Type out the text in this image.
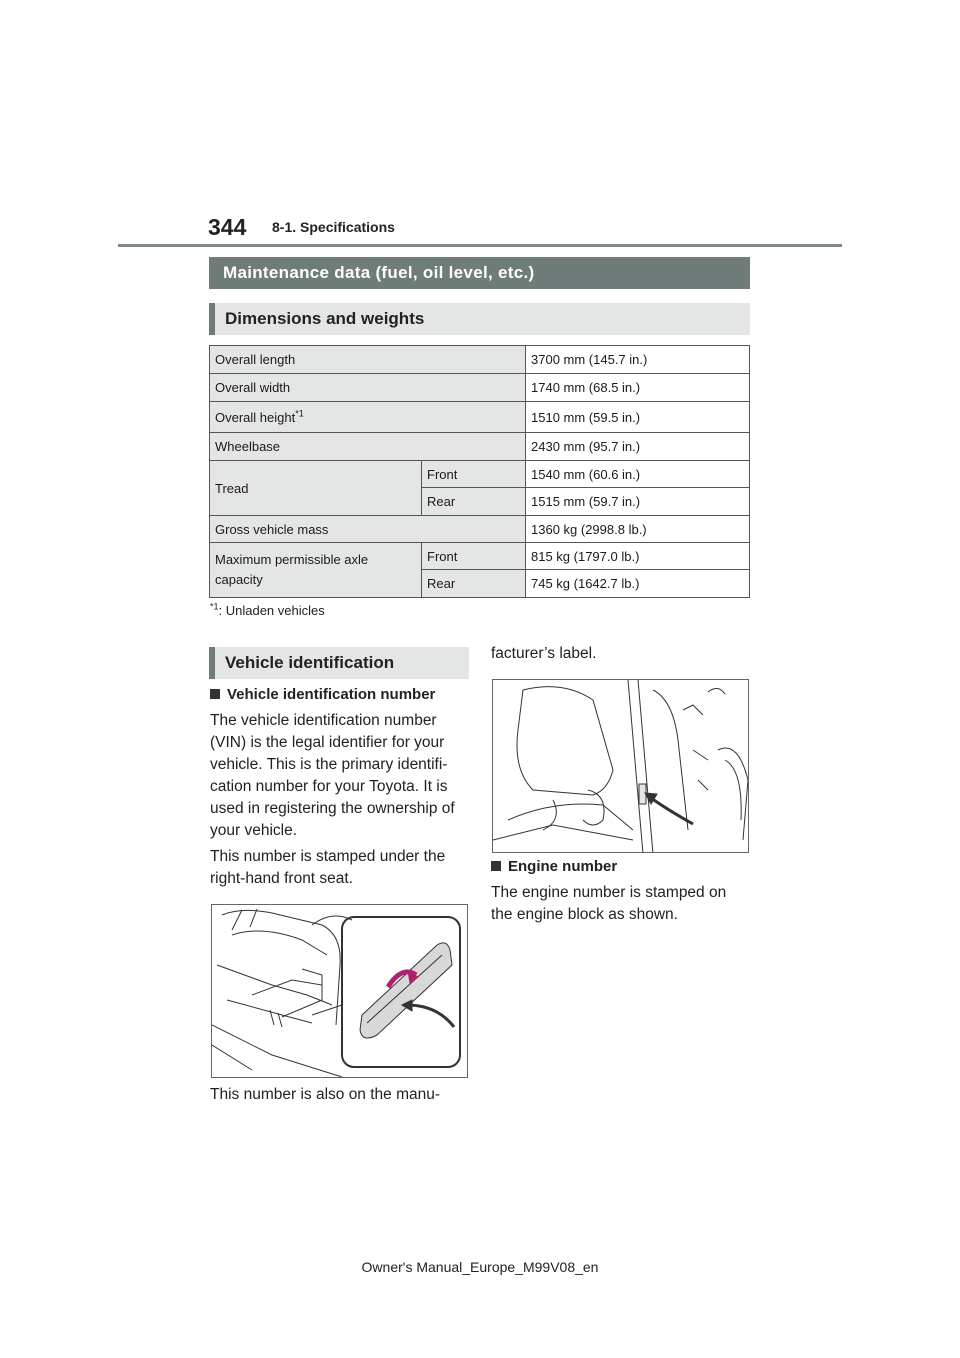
344 8-1. Specifications
Maintenance data (fuel, oil level, etc.)
Dimensions and weights
Overall length		3700 mm (145.7 in.)
Overall width		1740 mm (68.5 in.)
Overall height$^{*1}$		1510 mm (59.5 in.)
Wheelbase		2430 mm (95.7 in.)
Tread	Front	1540 mm (60.6 in.)
	Rear	1515 mm (59.7 in.)
Gross vehicle mass		1360 kg (2998.8 lb.)
Maximum permissible axle capacity	Front	815 kg (1797.0 lb.)
	Rear	745 kg (1642.7 lb.)
$^{*1}$: Unladen vehicles
Vehicle identification
Vehicle identification number
The vehicle identification number (VIN) is the legal identifier for your vehicle. This is the primary identifi-cation number for your Toyota. It is used in registering the ownership of your vehicle.
This number is stamped under the right-hand front seat.
This number is also on the manu-
facturer’s label.
Engine number
The engine number is stamped on the engine block as shown.
Owner's Manual_Europe_M99V08_en
